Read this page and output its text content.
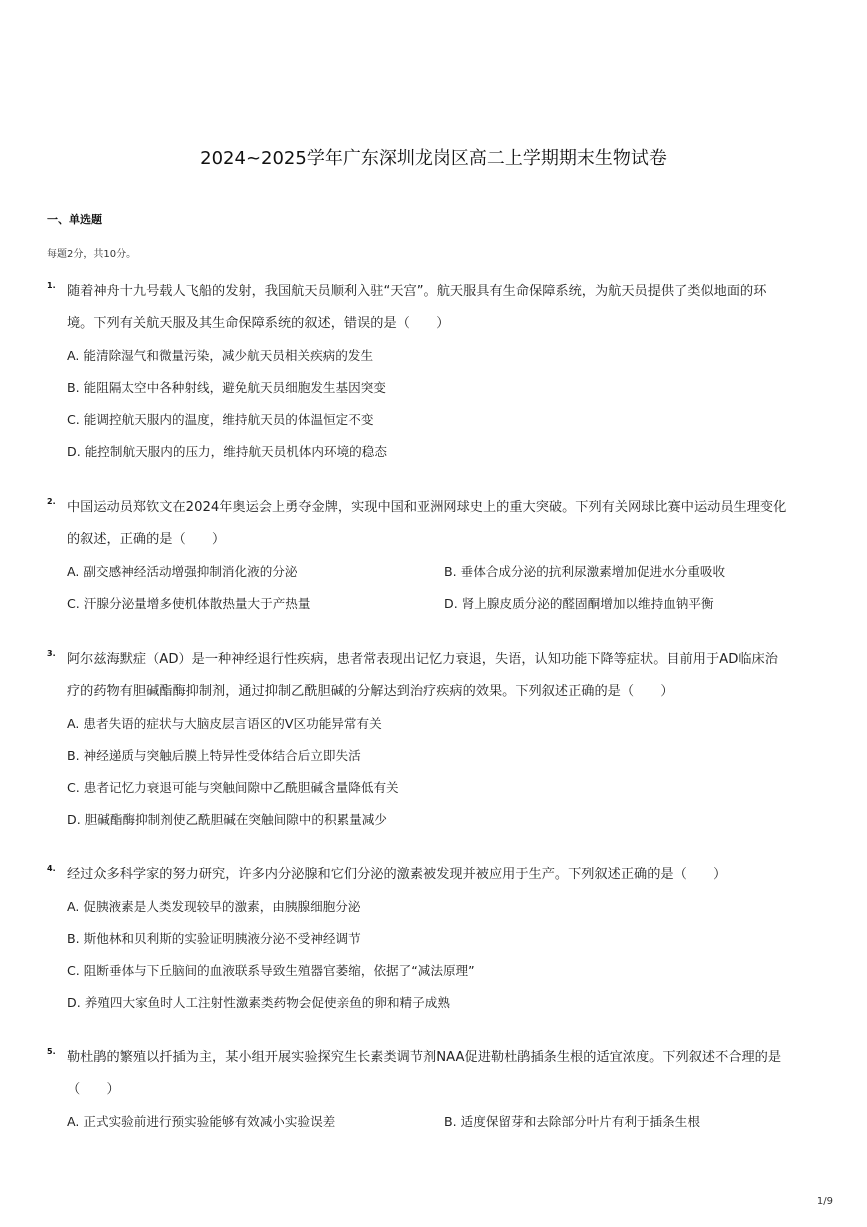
2024~2025学年广东深圳龙岗区高二上学期期末生物试卷
一、单选题
每题2分，共10分。
1. 随着神舟十九号载人飞船的发射，我国航天员顺利入驻“天宫”。航天服具有生命保障系统，为航天员提供了类似地面的环
境。下列有关航天服及其生命保障系统的叙述，错误的是（　　）
A. 能清除湿气和微量污染，减少航天员相关疾病的发生
B. 能阻隔太空中各种射线，避免航天员细胞发生基因突变
C. 能调控航天服内的温度，维持航天员的体温恒定不变
D. 能控制航天服内的压力，维持航天员机体内环境的稳态
2. 中国运动员郑钦文在2024年奥运会上勇夺金牌，实现中国和亚洲网球史上的重大突破。下列有关网球比赛中运动员生理变化
的叙述，正确的是（　　）
A. 副交感神经活动增强抑制消化液的分泌	B. 垂体合成分泌的抗利尿激素增加促进水分重吸收
C. 汗腺分泌量增多使机体散热量大于产热量	D. 肾上腺皮质分泌的醛固酮增加以维持血钠平衡
3. 阿尔兹海默症（AD）是一种神经退行性疾病，患者常表现出记忆力衰退，失语，认知功能下降等症状。目前用于AD临床治
疗的药物有胆碱酯酶抑制剂，通过抑制乙酰胆碱的分解达到治疗疾病的效果。下列叙述正确的是（　　）
A. 患者失语的症状与大脑皮层言语区的V区功能异常有关
B. 神经递质与突触后膜上特异性受体结合后立即失活
C. 患者记忆力衰退可能与突触间隙中乙酰胆碱含量降低有关
D. 胆碱酯酶抑制剂使乙酰胆碱在突触间隙中的积累量减少
4. 经过众多科学家的努力研究，许多内分泌腺和它们分泌的激素被发现并被应用于生产。下列叙述正确的是（　　）
A. 促胰液素是人类发现较早的激素，由胰腺细胞分泌
B. 斯他林和贝利斯的实验证明胰液分泌不受神经调节
C. 阻断垂体与下丘脑间的血液联系导致生殖器官萎缩，依据了“减法原理”
D. 养殖四大家鱼时人工注射性激素类药物会促使亲鱼的卵和精子成熟
5. 勒杜鹃的繁殖以扦插为主，某小组开展实验探究生长素类调节剂NAA促进勒杜鹃插条生根的适宜浓度。下列叙述不合理的是
（　　）
A. 正式实验前进行预实验能够有效减小实验误差	B. 适度保留芽和去除部分叶片有利于插条生根
1/9
